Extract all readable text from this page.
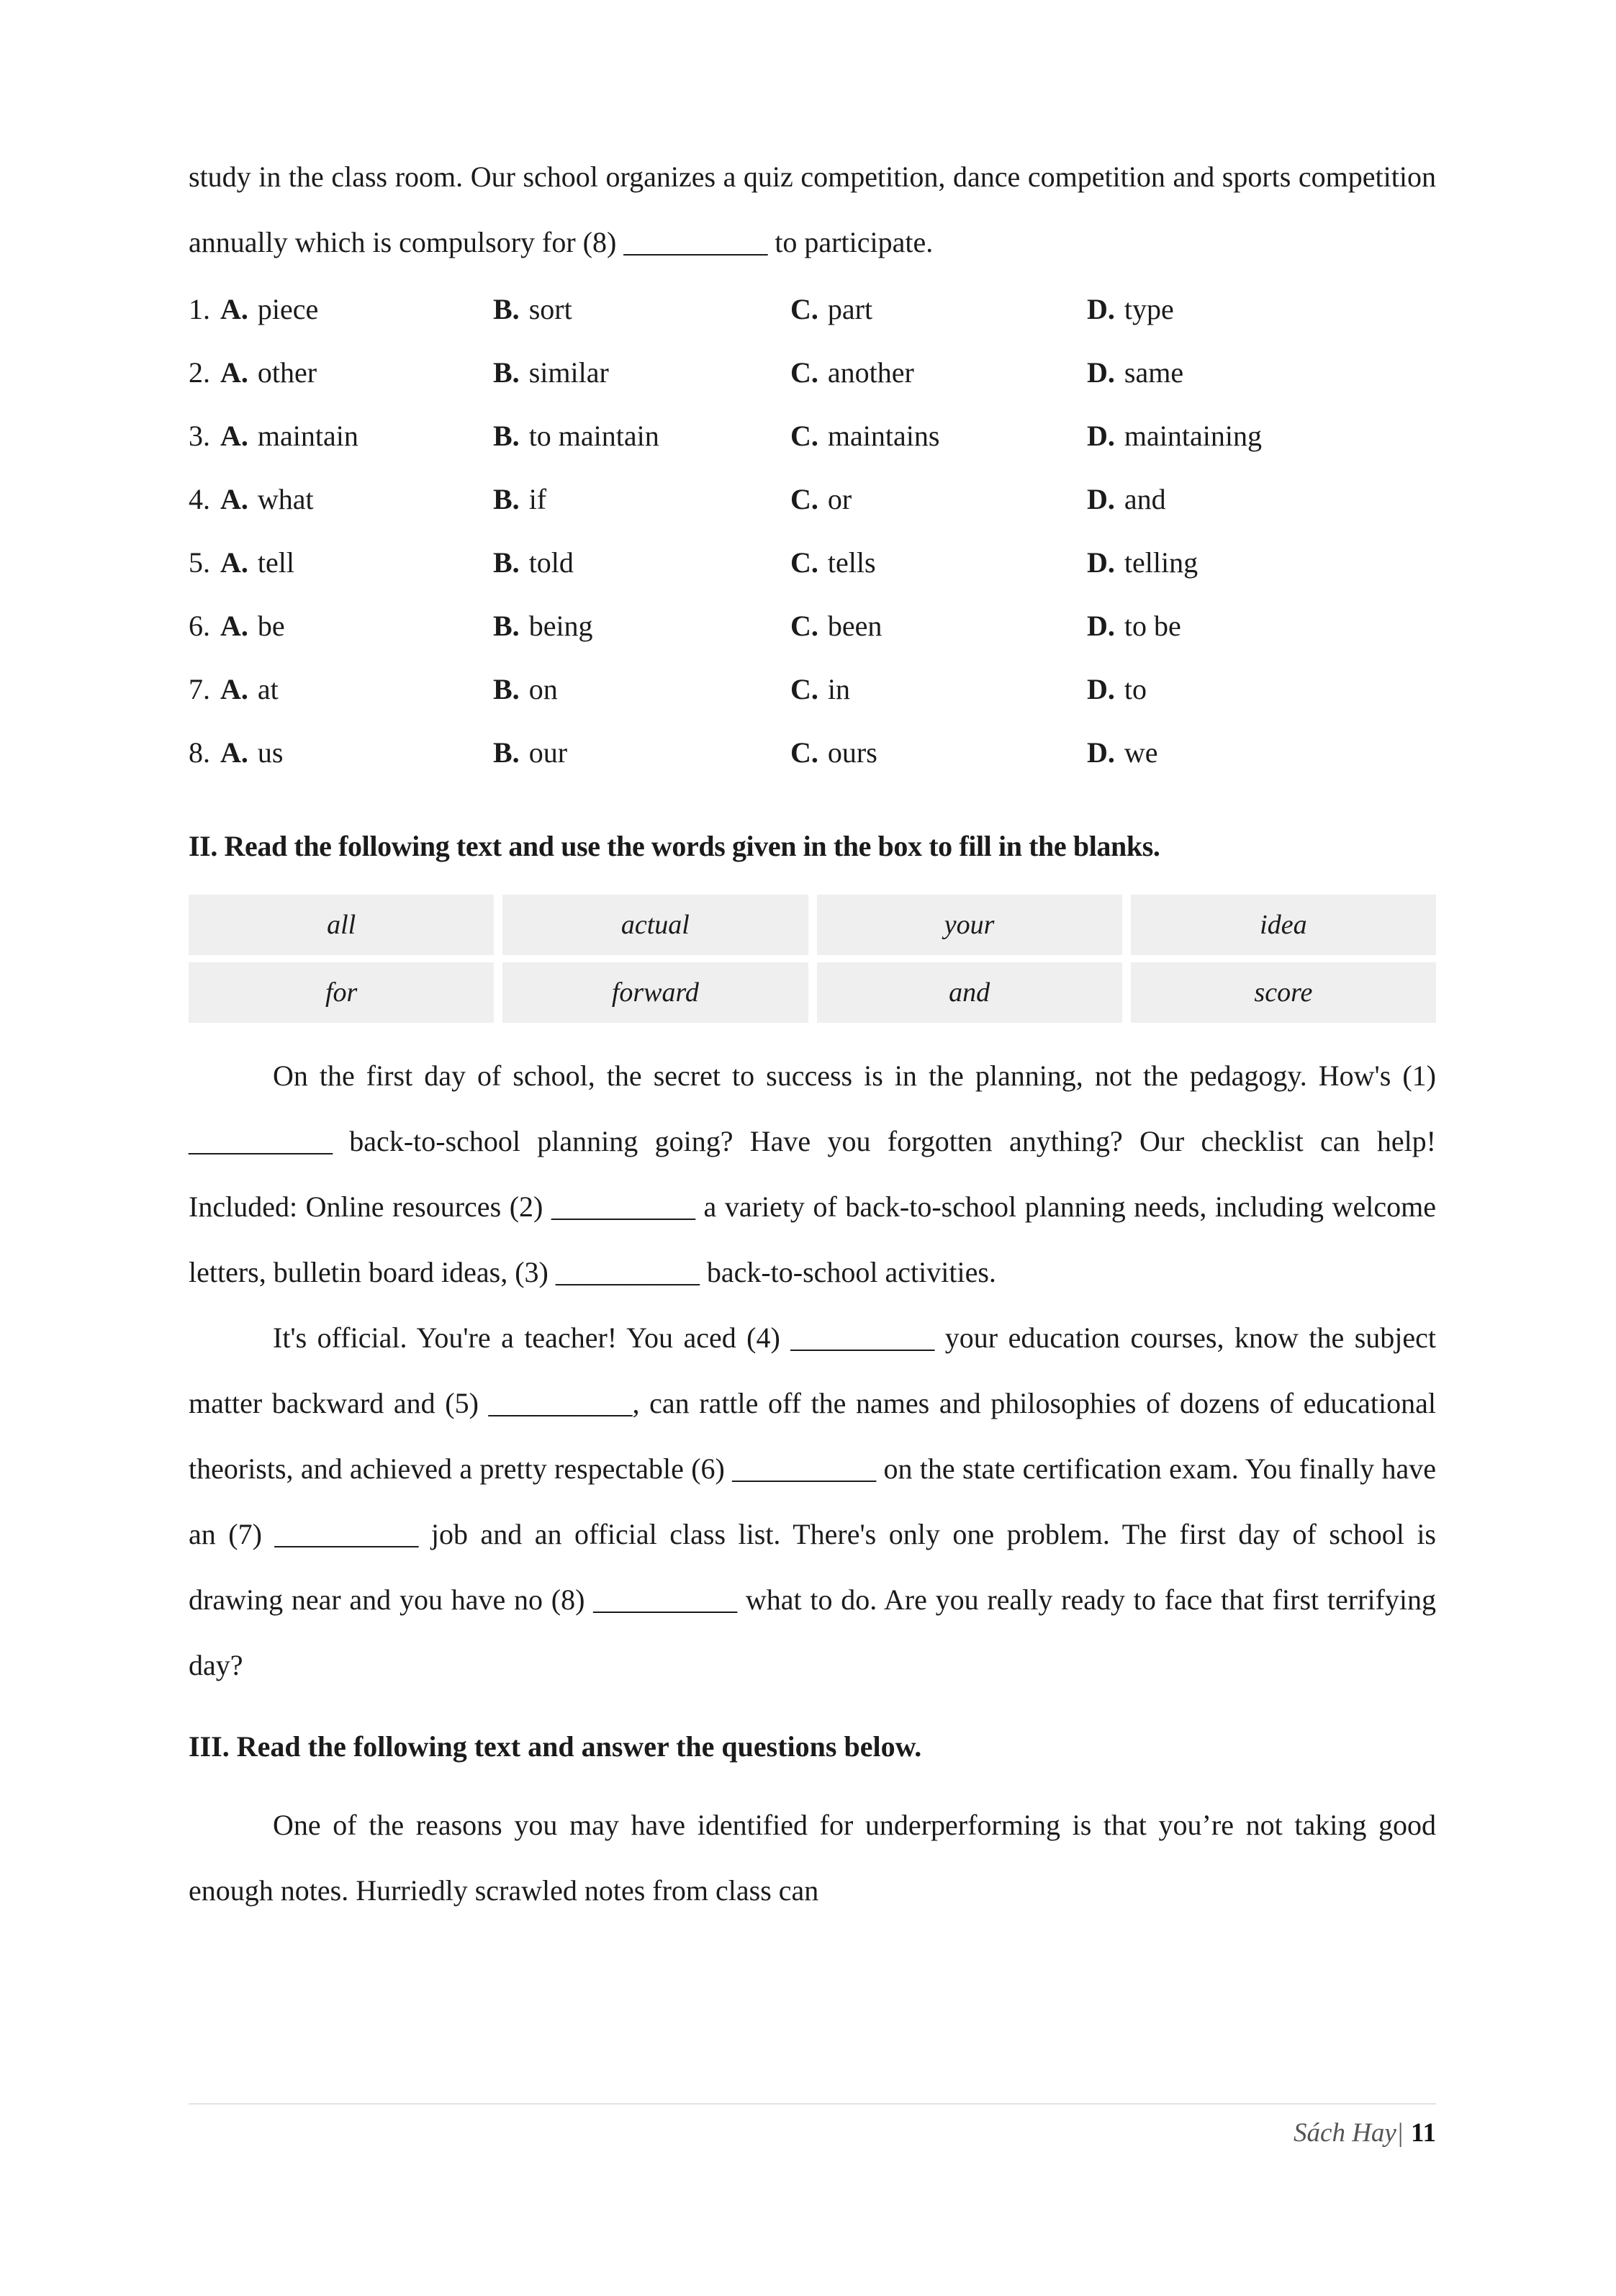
study in the class room. Our school organizes a quiz competition, dance competition and sports competition annually which is compulsory for (8) __________ to participate.

1. A. piece	B. sort	C. part	D. type
2. A. other	B. similar	C. another	D. same
3. A. maintain	B. to maintain	C. maintains	D. maintaining
4. A. what	B. if	C. or	D. and
5. A. tell	B. told	C. tells	D. telling
6. A. be	B. being	C. been	D. to be
7. A. at	B. on	C. in	D. to
8. A. us	B. our	C. ours	D. we

II. Read the following text and use the words given in the box to fill in the blanks.

all	actual	your	idea
for	forward	and	score

On the first day of school, the secret to success is in the planning, not the pedagogy. How's (1) __________ back-to-school planning going? Have you forgotten anything? Our checklist can help! Included: Online resources (2) __________ a variety of back-to-school planning needs, including welcome letters, bulletin board ideas, (3) __________ back-to-school activities.

It's official. You're a teacher! You aced (4) __________ your education courses, know the subject matter backward and (5) __________, can rattle off the names and philosophies of dozens of educational theorists, and achieved a pretty respectable (6) __________ on the state certification exam. You finally have an (7) __________ job and an official class list. There's only one problem. The first day of school is drawing near and you have no (8) __________ what to do. Are you really ready to face that first terrifying day?

III. Read the following text and answer the questions below.

One of the reasons you may have identified for underperforming is that you’re not taking good enough notes. Hurriedly scrawled notes from class can

Sách Hay| 11
